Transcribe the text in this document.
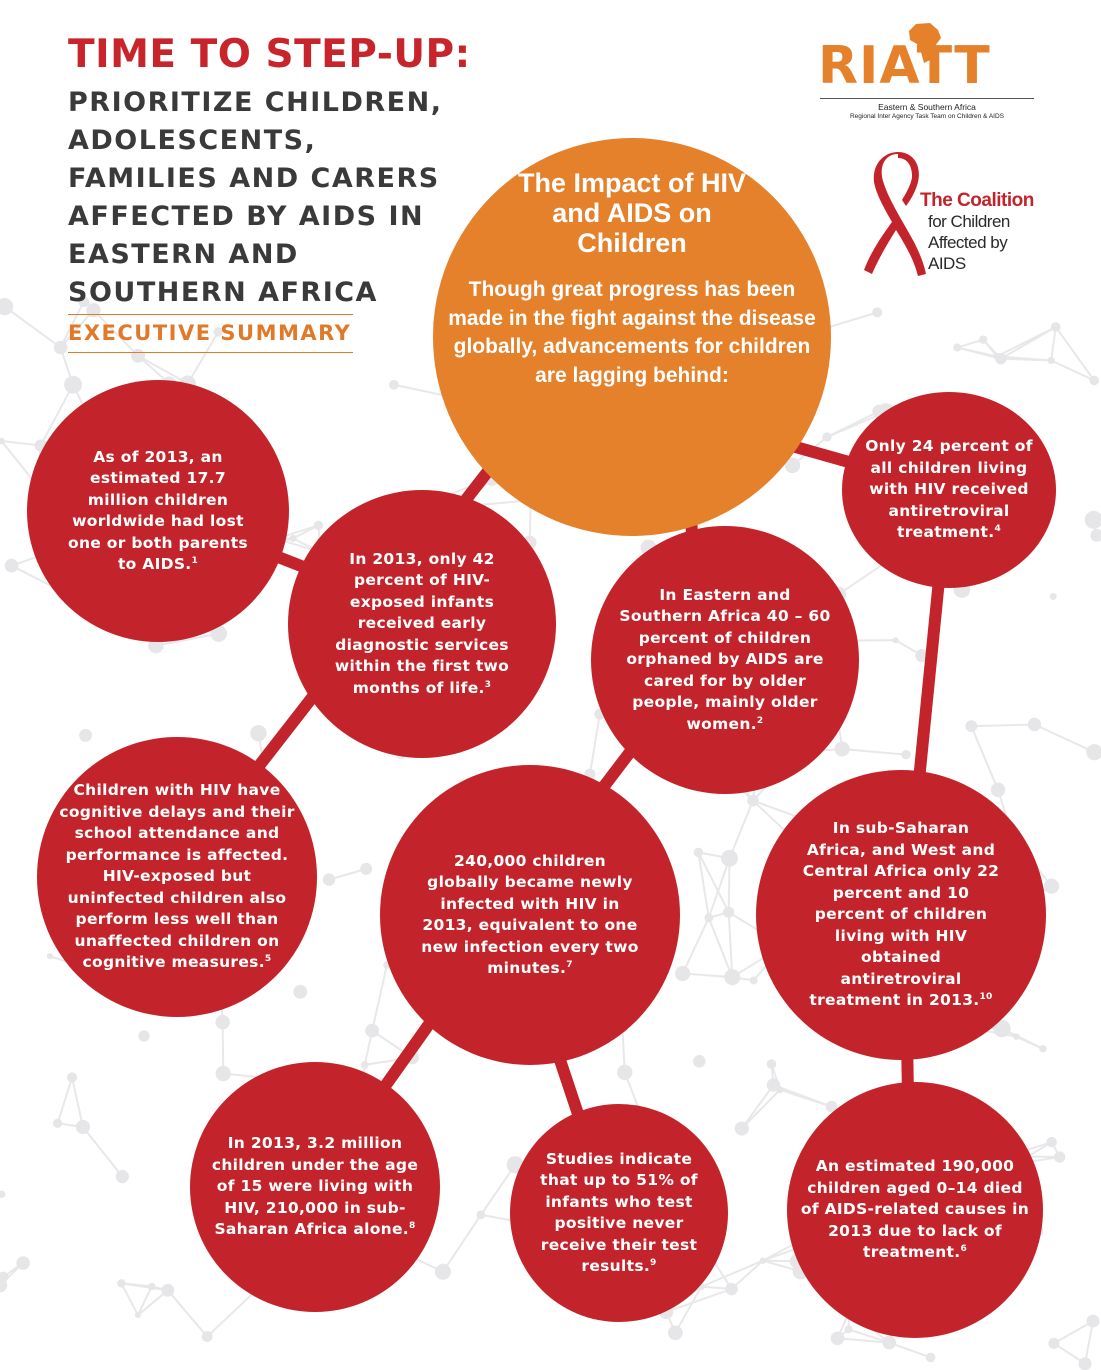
TIME TO STEP-UP:

PRIORITIZE CHILDREN, ADOLESCENTS, FAMILIES AND CARERS AFFECTED BY AIDS IN EASTERN AND SOUTHERN AFRICA

EXECUTIVE SUMMARY
RIATT
Eastern & Southern Africa
Regional Inter Agency Task Team on Children & AIDS
The Coalition
for Children
Affected by
AIDS
The Impact of HIV and AIDS on Children
Though great progress has been made in the fight against the disease globally, advancements for children are lagging behind:
As of 2013, an estimated 17.7 million children worldwide had lost one or both parents to AIDS.$^1$	In 2013, only 42 percent of HIV-exposed infants received early diagnostic services within the first two months of life.$^3$
In Eastern and Southern Africa 40 – 60 percent of children orphaned by AIDS are cared for by older people, mainly older women.$^2$
Only 24 percent of all children living with HIV received antiretroviral treatment.$^4$
Children with HIV have cognitive delays and their school attendance and performance is affected. HIV-exposed but uninfected children also perform less well than unaffected children on cognitive measures.$^5$
240,000 children globally became newly infected with HIV in 2013, equivalent to one new infection every two minutes.$^7$
In sub-Saharan Africa, and West and Central Africa only 22 percent and 10 percent of children living with HIV obtained antiretroviral treatment in 2013.10
In 2013, 3.2 million children under the age of 15 were living with HIV, 210,000 in sub-Saharan Africa alone.$^8$
Studies indicate that up to 51% of infants who test positive never receive their test results.$^9$
An estimated 190,000 children aged 0–14 died of AIDS-related causes in 2013 due to lack of treatment.$^6$
